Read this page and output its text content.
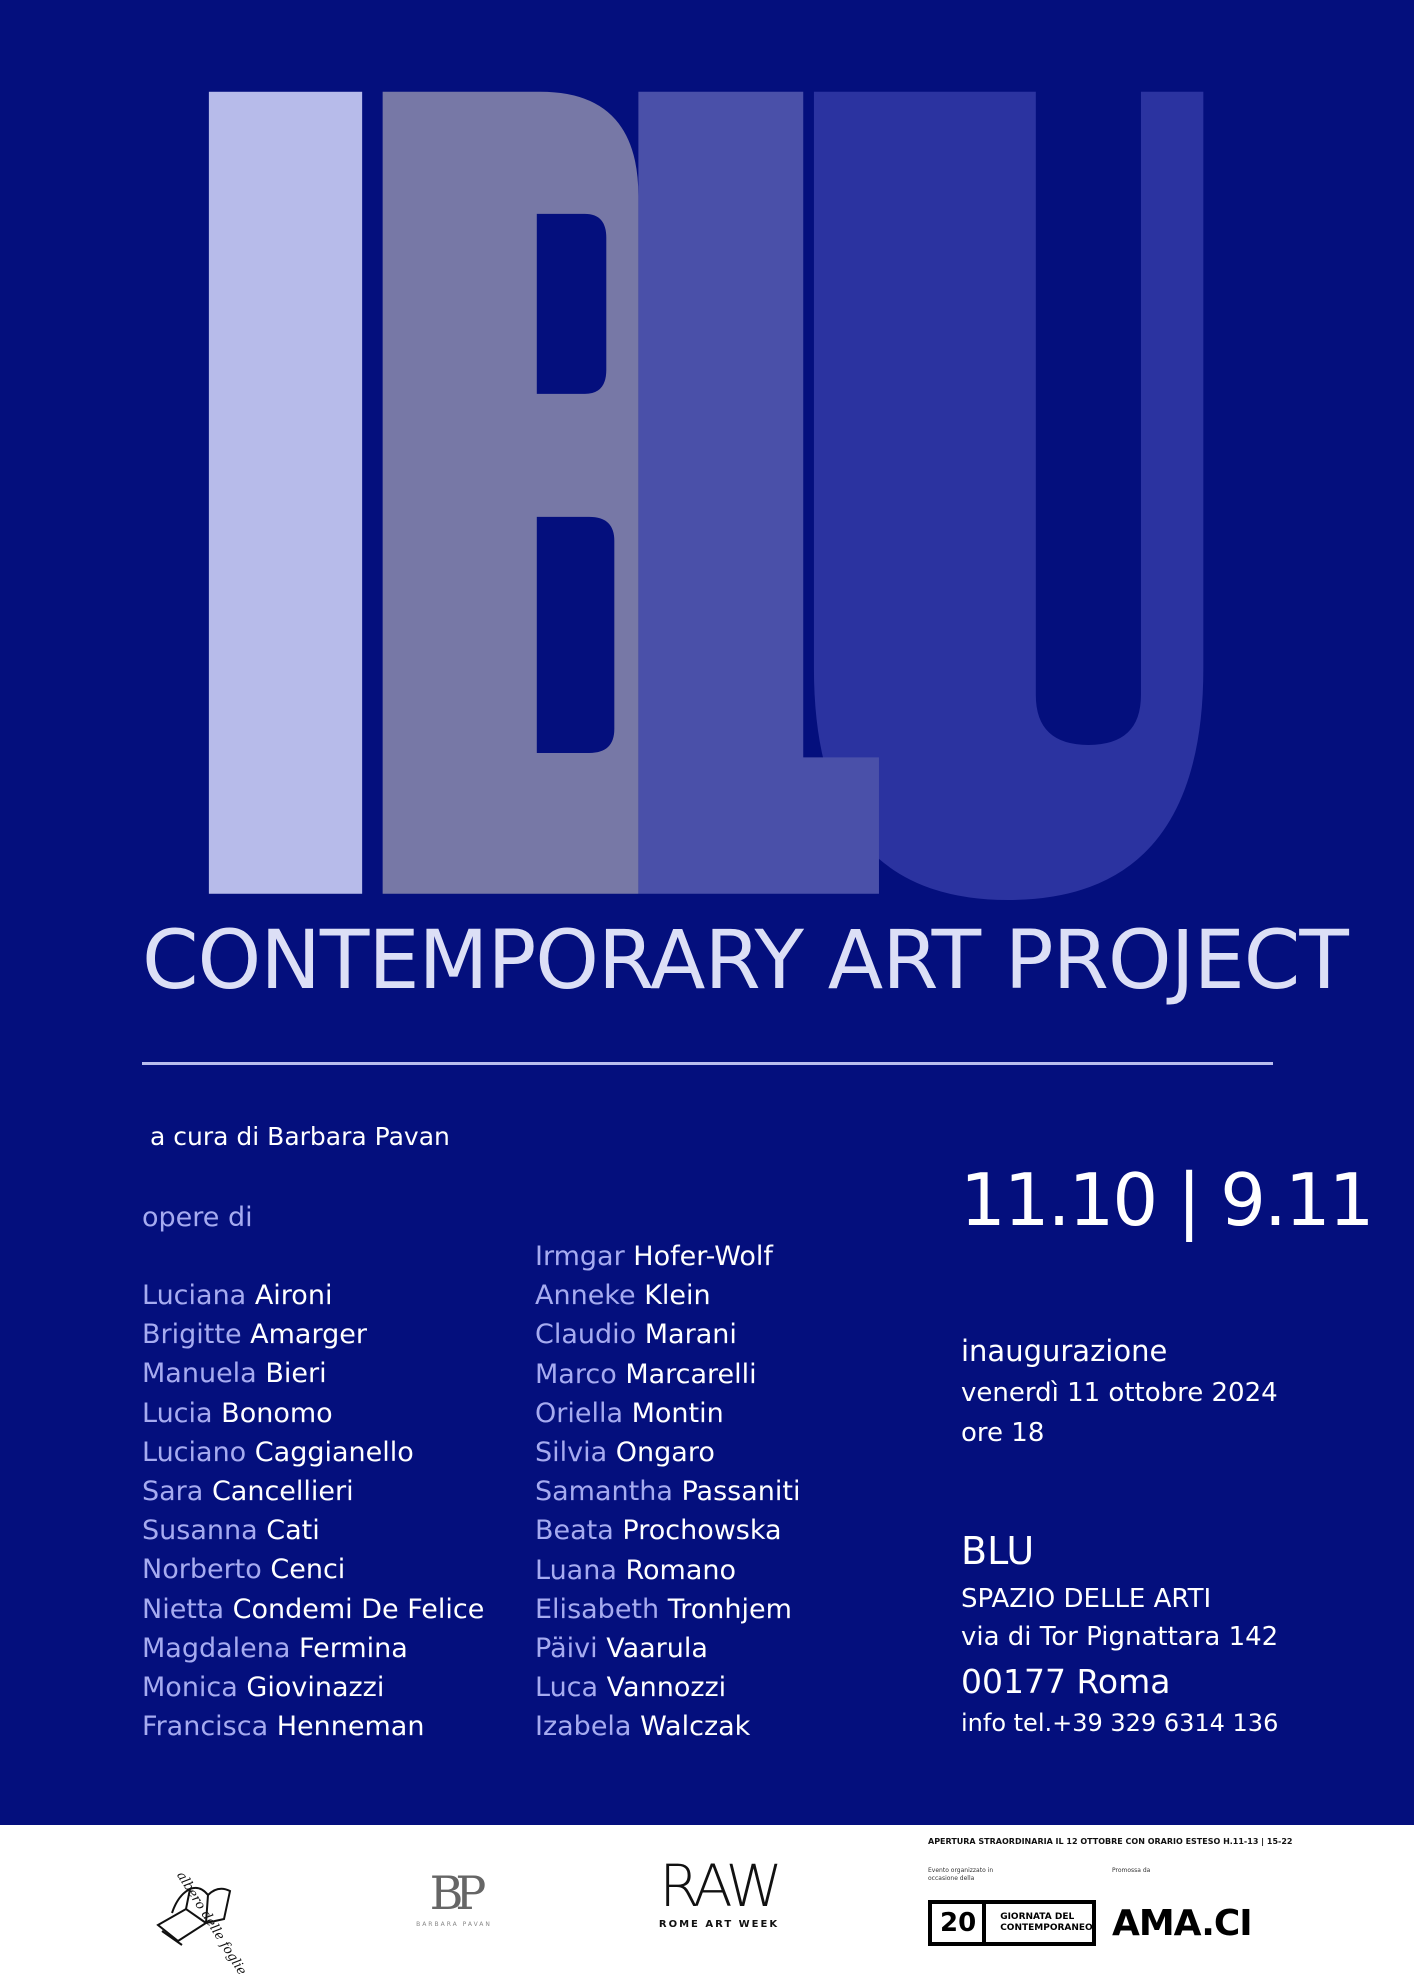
CONTEMPORARY ART PROJECT
a cura di Barbara Pavan
opere di
Luciana Aironi
Brigitte Amarger
Manuela Bieri
Lucia Bonomo
Luciano Caggianello
Sara Cancellieri
Susanna Cati
Norberto Cenci
Nietta Condemi De Felice
Magdalena Fermina
Monica Giovinazzi
Francisca Henneman
Irmgar Hofer-Wolf
Anneke Klein
Claudio Marani
Marco Marcarelli
Oriella Montin
Silvia Ongaro
Samantha Passaniti
Beata Prochowska
Luana Romano
Elisabeth Tronhjem
Päivi Vaarula
Luca Vannozzi
Izabela Walczak
11.10 | 9.11
inaugurazione
venerdì 11 ottobre 2024
ore 18
BLU
SPAZIO DELLE ARTI
via di Tor Pignattara 142
00177 Roma
info tel.+39 329 6314 136
albero delle foglie	BP
BARBARA PAVAN
RAW
ROME ART WEEK
APERTURA STRAORDINARIA IL 12 OTTOBRE CON ORARIO ESTESO H.11-13 | 15-22
Evento organizzato in occasione della
Promossa da
20	GIORNATA DEL
CONTEMPORANEO AMA.CI
